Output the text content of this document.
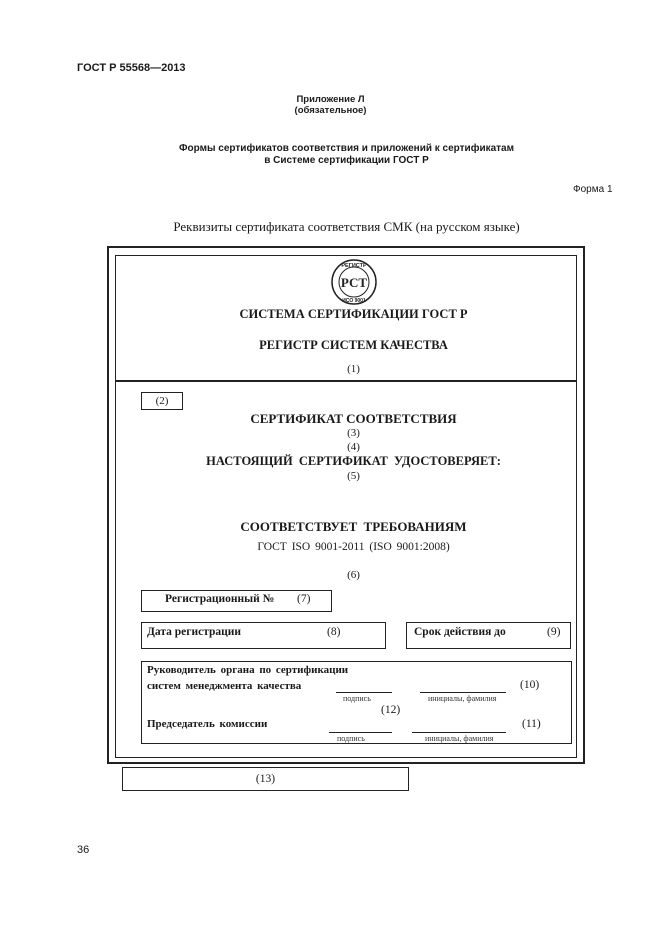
ГОСТ Р 55568—2013
Приложение Л
(обязательное)
Формы сертификатов соответствия и приложений к сертификатам
в Системе сертификации ГОСТ Р
Форма 1
Реквизиты сертификата соответствия СМК (на русском языке)
РЕГИСТР
РСТ
ИСО 9001
СИСТЕМА СЕРТИФИКАЦИИ ГОСТ Р
РЕГИСТР СИСТЕМ КАЧЕСТВА
(1)
(2)
СЕРТИФИКАТ СООТВЕТСТВИЯ
(3)
(4)
НАСТОЯЩИЙ СЕРТИФИКАТ УДОСТОВЕРЯЕТ:
(5)
СООТВЕТСТВУЕТ ТРЕБОВАНИЯМ
ГОСТ ISO 9001-2011 (ISO 9001:2008)
(6)
Регистрационный № (7)
Дата регистрации	(8)	Срок действия до	(9)
Руководитель органа по сертификации
систем менеджмента качества
подпись	инициалы, фамилия
(10)
(12)
Председатель комиссии
подпись	инициалы, фамилия
(11)
(13)
36
